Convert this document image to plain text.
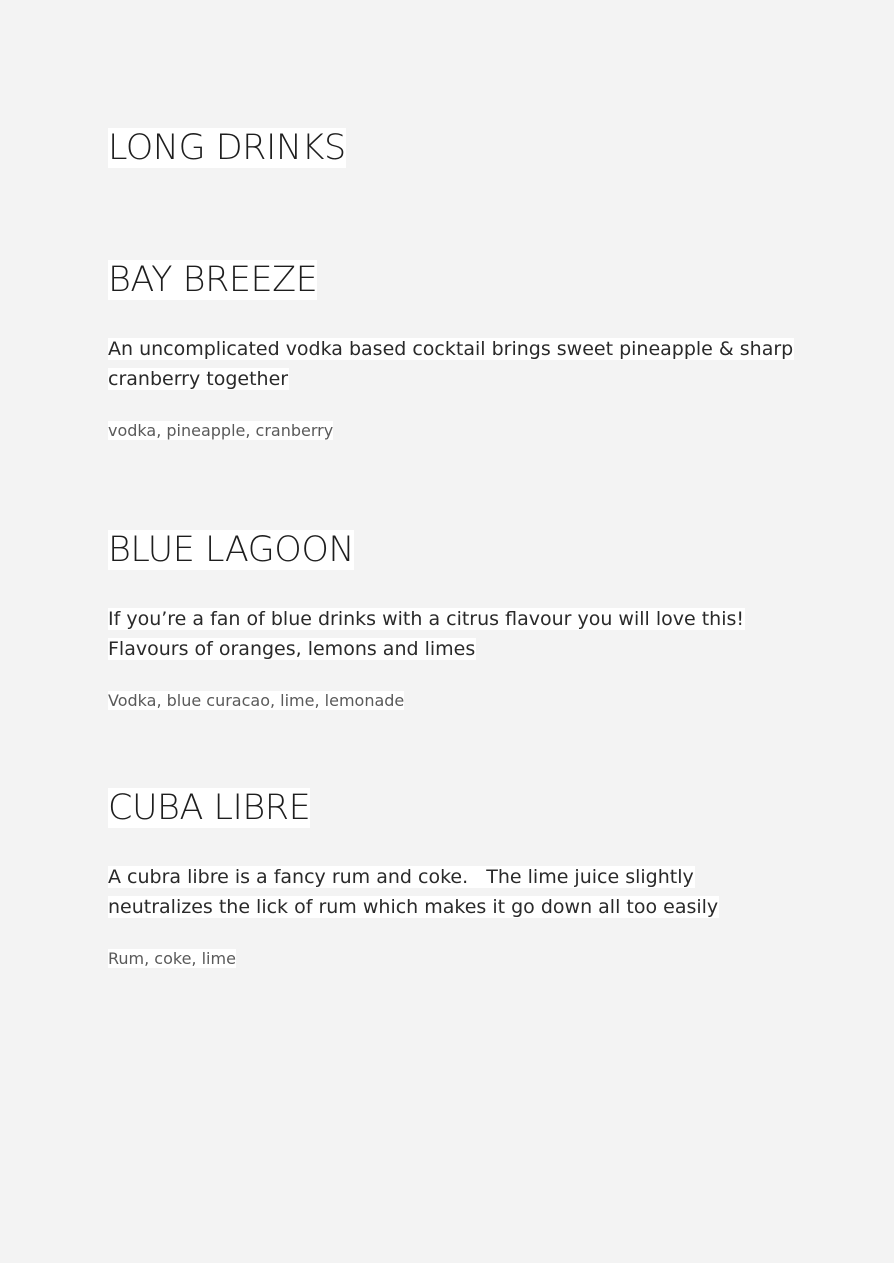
LONG DRINKS
BAY BREEZE

An uncomplicated vodka based cocktail brings sweet pineapple & sharp
cranberry together

vodka, pineapple, cranberry

BLUE LAGOON

If you’re a fan of blue drinks with a citrus flavour you will love this!
Flavours of oranges, lemons and limes

Vodka, blue curacao, lime, lemonade

CUBA LIBRE

A cubra libre is a fancy rum and coke.   The lime juice slightly
neutralizes the lick of rum which makes it go down all too easily

Rum, coke, lime
